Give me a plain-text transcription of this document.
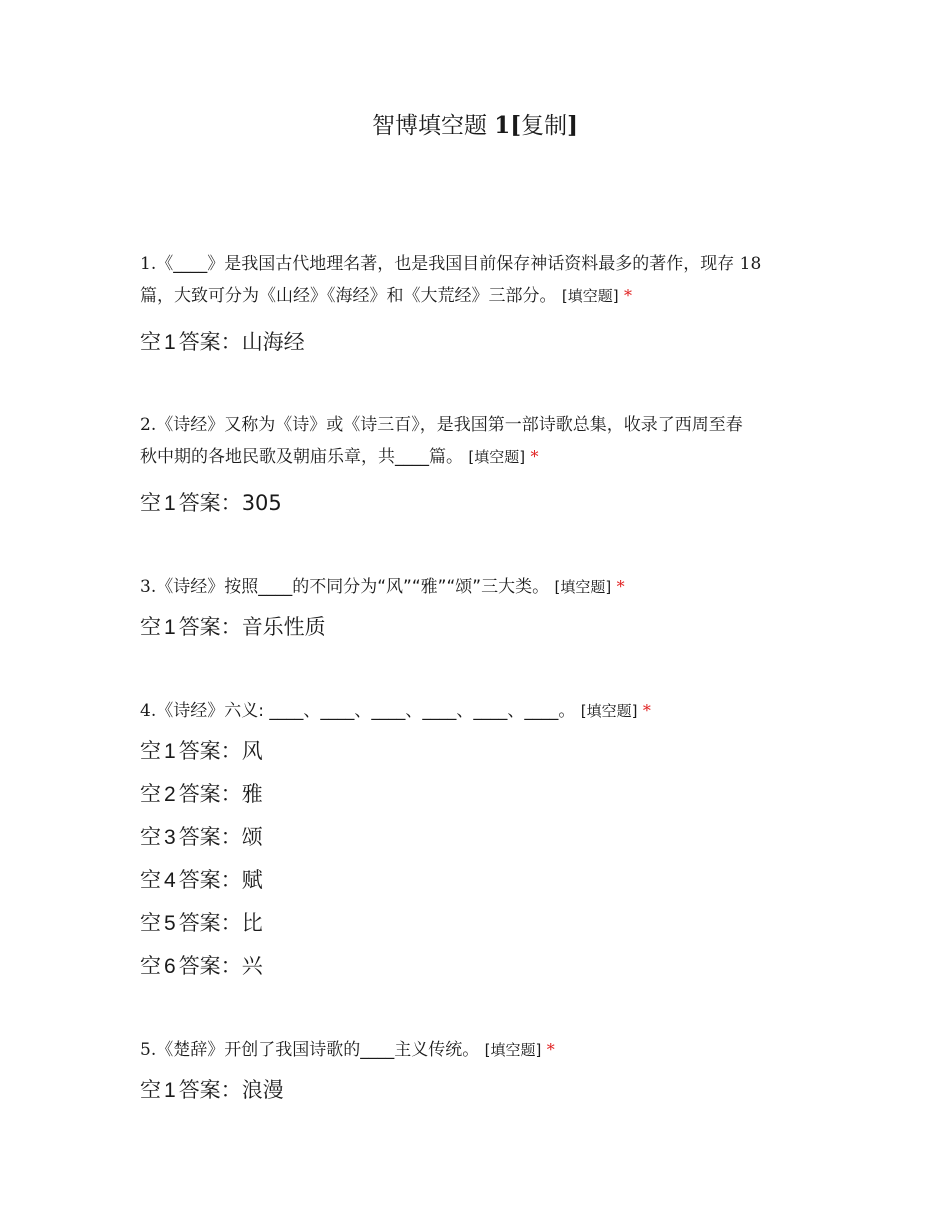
智博填空题 1[复制]
1.《____》是我国古代地理名著，也是我国目前保存神话资料最多的著作，现存 18
篇，大致可分为《山经》《海经》和《大荒经》三部分。 [填空题] *
空 1 答案：山海经
2.《诗经》又称为《诗》或《诗三百》，是我国第一部诗歌总集，收录了西周至春
秋中期的各地民歌及朝庙乐章，共____篇。 [填空题] *
空 1 答案：305
3.《诗经》按照____的不同分为“风”“雅”“颂”三大类。 [填空题] *
空 1 答案：音乐性质
4.《诗经》六义: ____、____、____、____、____、____。 [填空题] *
空 1 答案：风
空 2 答案：雅
空 3 答案：颂
空 4 答案：赋
空 5 答案：比
空 6 答案：兴
5.《楚辞》开创了我国诗歌的____主义传统。 [填空题] *
空 1 答案：浪漫
